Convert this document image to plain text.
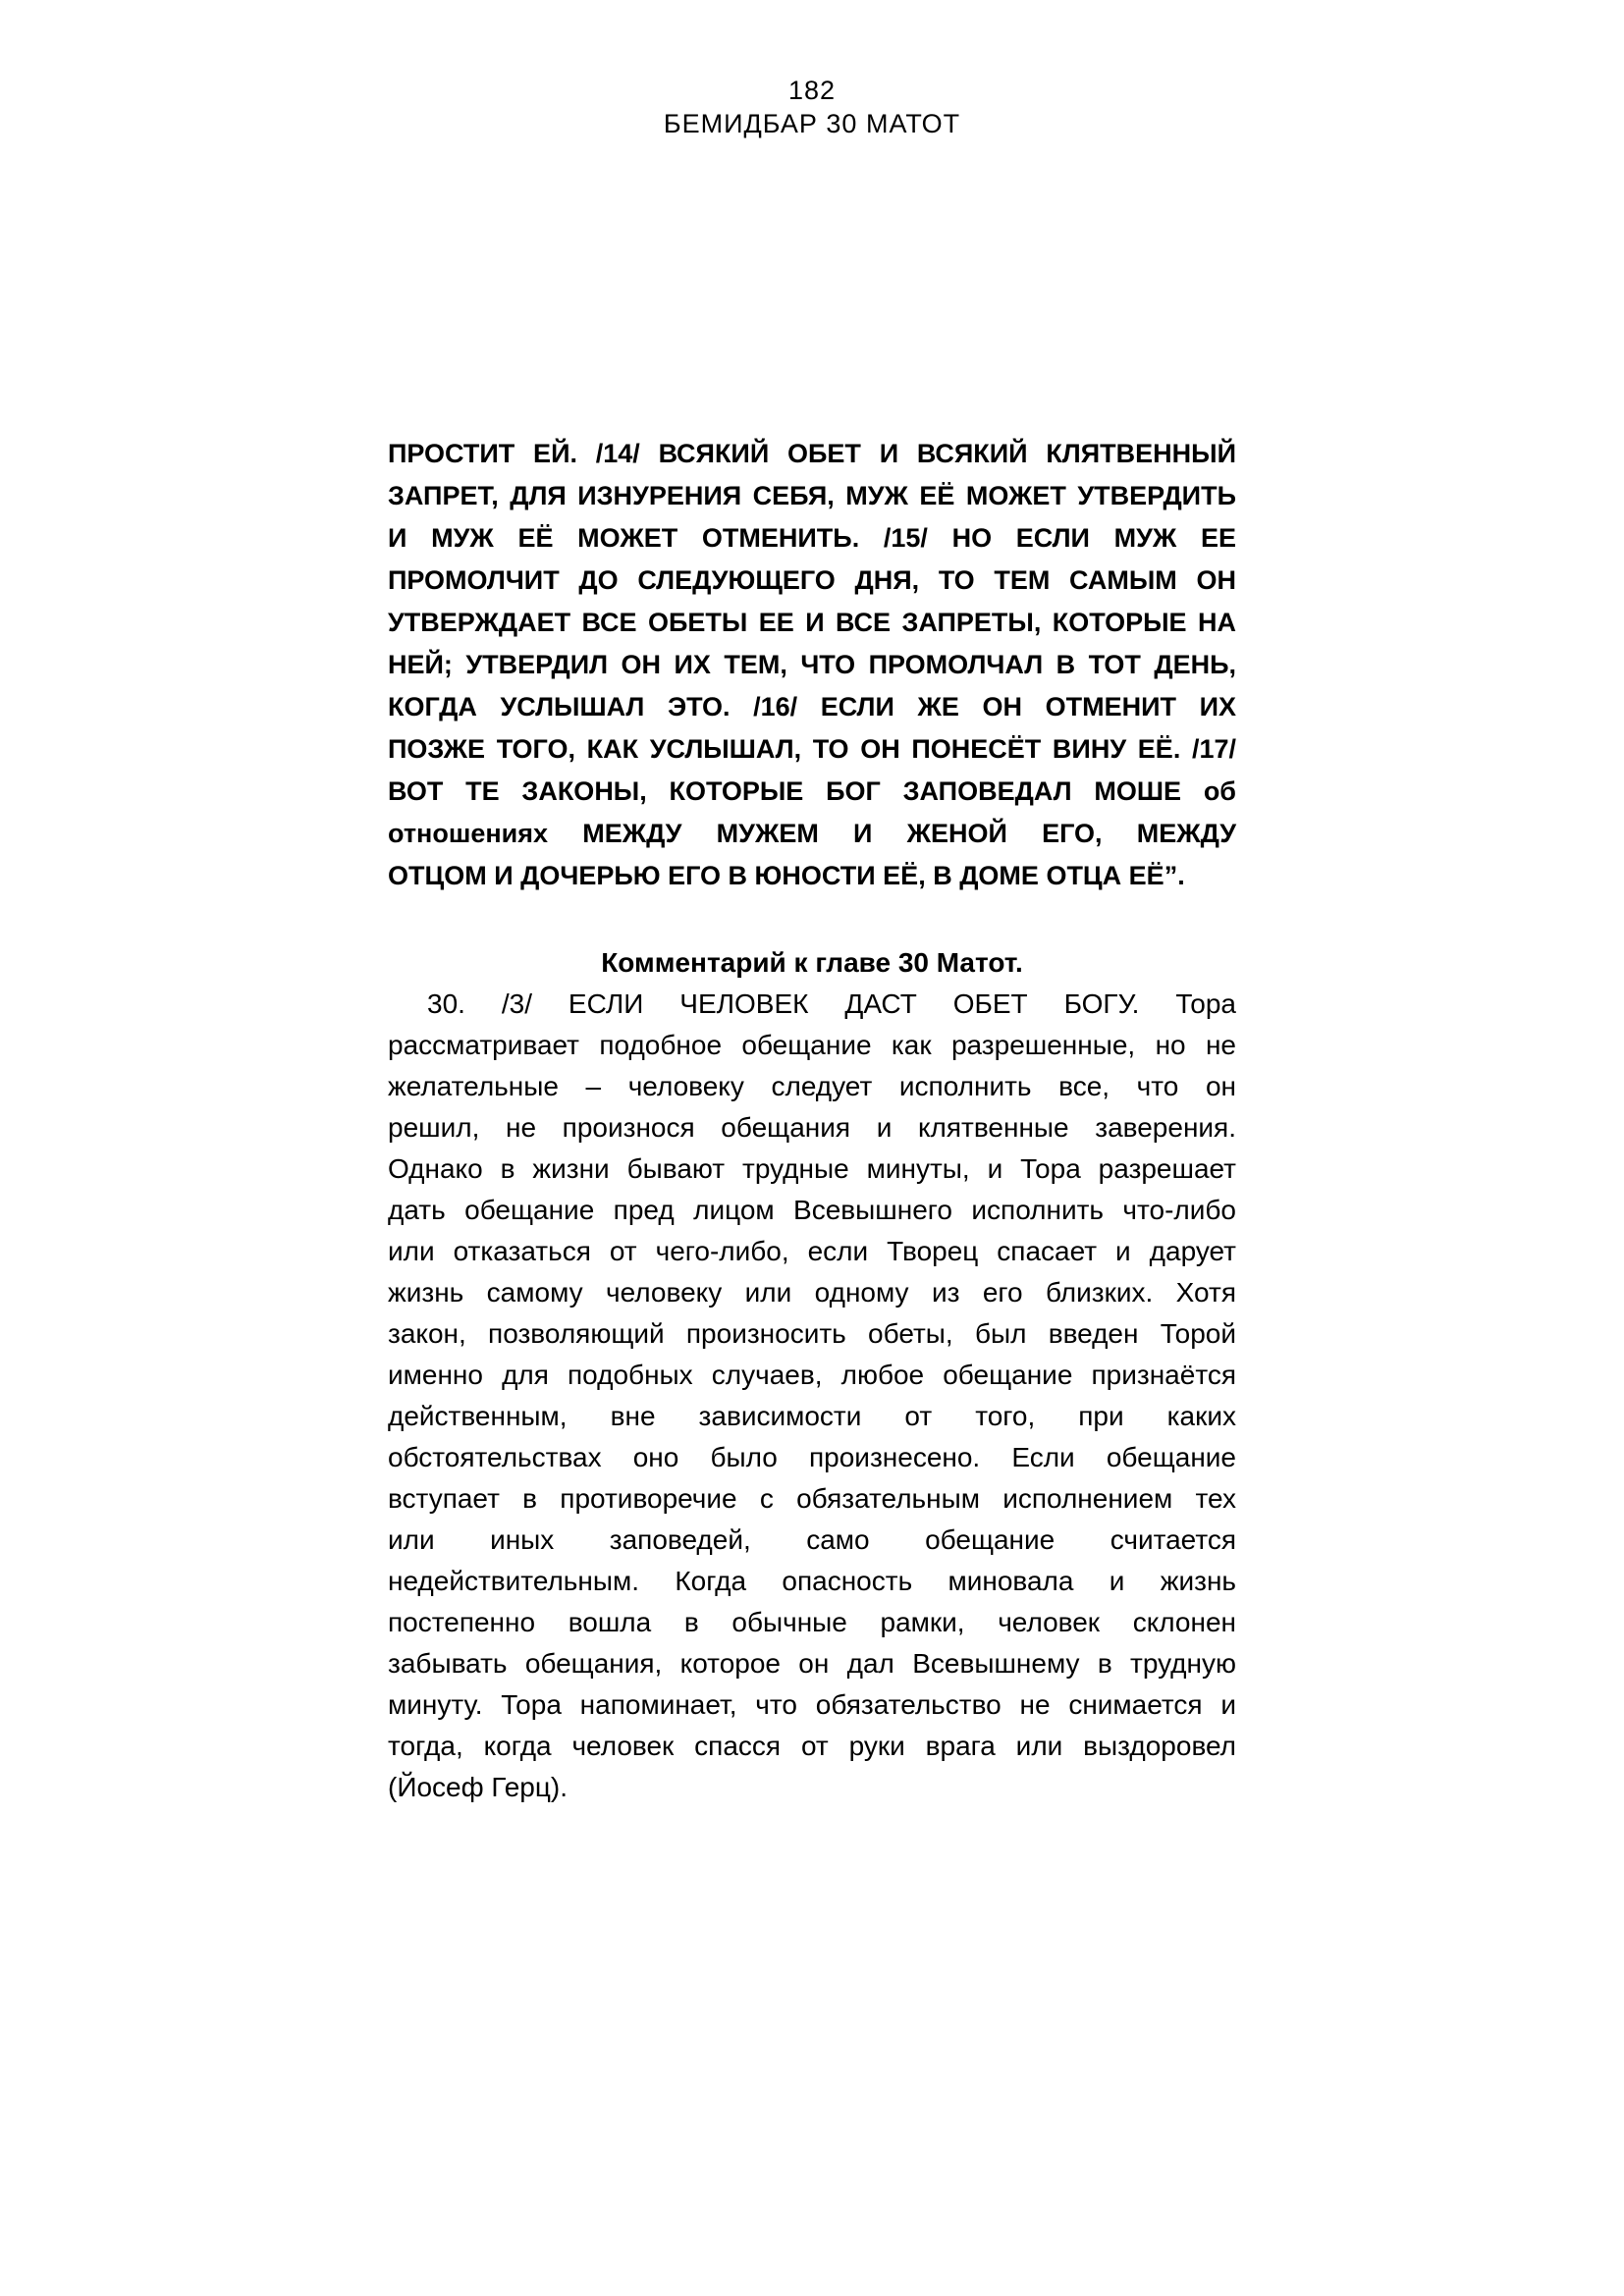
182
БЕМИДБАР 30 МАТОТ
ПРОСТИТ ЕЙ. /14/ ВСЯКИЙ ОБЕТ И ВСЯКИЙ КЛЯТВЕННЫЙ
ЗАПРЕТ, ДЛЯ ИЗНУРЕНИЯ СЕБЯ, МУЖ ЕЁ МОЖЕТ УТВЕРДИТЬ
И МУЖ ЕЁ МОЖЕТ ОТМЕНИТЬ. /15/ НО ЕСЛИ МУЖ ЕЕ
ПРОМОЛЧИТ ДО СЛЕДУЮЩЕГО ДНЯ, ТО ТЕМ САМЫМ ОН
УТВЕРЖДАЕТ ВСЕ ОБЕТЫ ЕЕ И ВСЕ ЗАПРЕТЫ, КОТОРЫЕ НА
НЕЙ; УТВЕРДИЛ ОН ИХ ТЕМ, ЧТО ПРОМОЛЧАЛ В ТОТ ДЕНЬ,
КОГДА УСЛЫШАЛ ЭТО. /16/ ЕСЛИ ЖЕ ОН ОТМЕНИТ ИХ
ПОЗЖЕ ТОГО, КАК УСЛЫШАЛ, ТО ОН ПОНЕСЁТ ВИНУ ЕЁ. /17/
ВОТ ТЕ ЗАКОНЫ, КОТОРЫЕ БОГ ЗАПОВЕДАЛ МОШЕ об
отношениях МЕЖДУ МУЖЕМ И ЖЕНОЙ ЕГО, МЕЖДУ
ОТЦОМ И ДОЧЕРЬЮ ЕГО В ЮНОСТИ ЕЁ, В ДОМЕ ОТЦА ЕЁ”.
Комментарий к главе 30 Матот.
30. /3/ ЕСЛИ ЧЕЛОВЕК ДАСТ ОБЕТ БОГУ. Тора
рассматривает подобное обещание как разрешенные, но не
желательные – человеку следует исполнить все, что он
решил, не произнося обещания и клятвенные заверения.
Однако в жизни бывают трудные минуты, и Тора разрешает
дать обещание пред лицом Всевышнего исполнить что-либо
или отказаться от чего-либо, если Творец спасает и дарует
жизнь самому человеку или одному из его близких. Хотя
закон, позволяющий произносить обеты, был введен Торой
именно для подобных случаев, любое обещание признаётся
действенным, вне зависимости от того, при каких
обстоятельствах оно было произнесено. Если обещание
вступает в противоречие с обязательным исполнением тех
или иных заповедей, само обещание считается
недействительным. Когда опасность миновала и жизнь
постепенно вошла в обычные рамки, человек склонен
забывать обещания, которое он дал Всевышнему в трудную
минуту. Тора напоминает, что обязательство не снимается и
тогда, когда человек спасся от руки врага или выздоровел
(Йосеф Герц).
